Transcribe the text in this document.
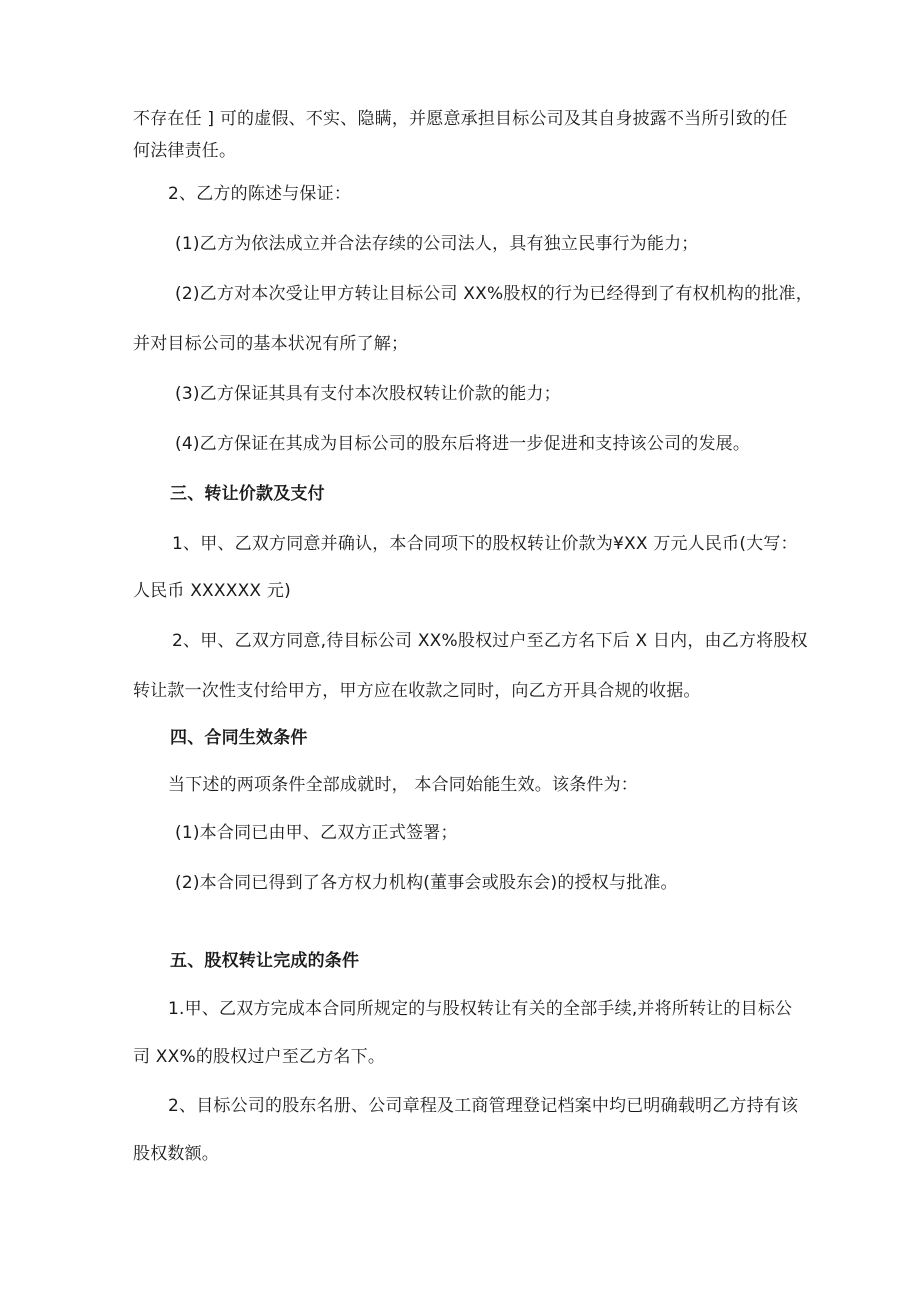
不存在任 ] 可的虚假、不实、隐瞒，并愿意承担目标公司及其自身披露不当所引致的任
何法律责任。
2、乙方的陈述与保证：
(1)乙方为依法成立并合法存续的公司法人，具有独立民事行为能力；
(2)乙方对本次受让甲方转让目标公司 XX%股权的行为已经得到了有权机构的批准，
并对目标公司的基本状况有所了解；
(3)乙方保证其具有支付本次股权转让价款的能力；
(4)乙方保证在其成为目标公司的股东后将进一步促进和支持该公司的发展。
三、转让价款及支付
1、甲、乙双方同意并确认，本合同项下的股权转让价款为¥XX 万元人民币(大写：
人民币 XXXXXX 元)
2、甲、乙双方同意,待目标公司 XX%股权过户至乙方名下后 X 日内，由乙方将股权
转让款一次性支付给甲方，甲方应在收款之同时，向乙方开具合规的收据。
四、合同生效条件
当下述的两项条件全部成就时， 本合同始能生效。该条件为：
(1)本合同已由甲、乙双方正式签署；
(2)本合同已得到了各方权力机构(董事会或股东会)的授权与批准。
五、股权转让完成的条件
1.甲、乙双方完成本合同所规定的与股权转让有关的全部手续,并将所转让的目标公
司 XX%的股权过户至乙方名下。
2、目标公司的股东名册、公司章程及工商管理登记档案中均已明确载明乙方持有该
股权数额。
